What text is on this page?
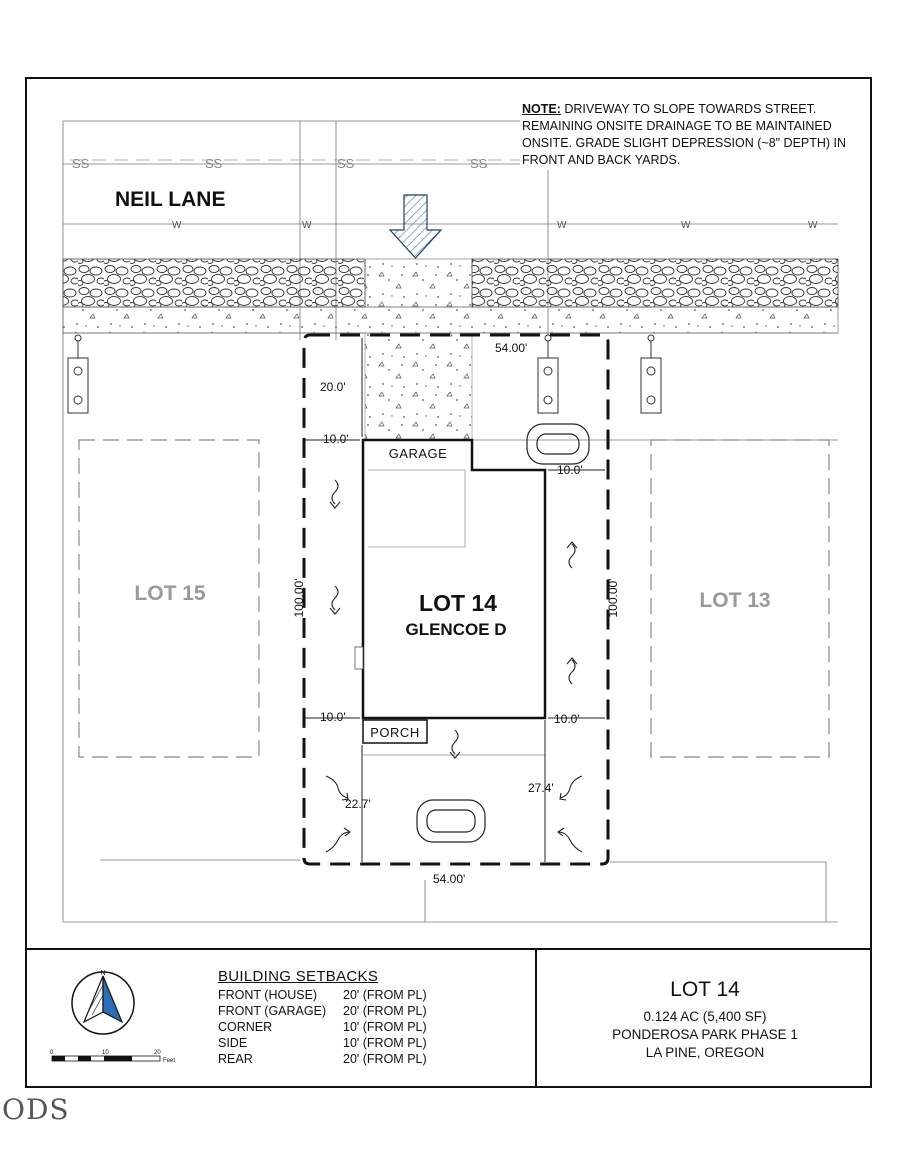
NEIL LANE
SS	SS	SS	SS
W	W	W	W	W
LOT 15	LOT 13
LOT 14
GLENCOE D
GARAGE
PORCH
54.00'
54.00'
20.0'
10.0'
10.0'
10.0'	10.0'
22.7'
27.4'
100.00'	100.00'
N
0	10	20
Feet
NOTE: DRIVEWAY TO SLOPE TOWARDS STREET. REMAINING ONSITE DRAINAGE TO BE MAINTAINED ONSITE. GRADE SLIGHT DEPRESSION (~8" DEPTH) IN FRONT AND BACK YARDS.
BUILDING SETBACKS
FRONT (HOUSE)	20' (FROM PL)
FRONT (GARAGE)	20' (FROM PL)
CORNER	10' (FROM PL)
SIDE	10' (FROM PL)
REAR	20' (FROM PL)
LOT 14
0.124 AC (5,400 SF)
PONDEROSA PARK PHASE 1
LA PINE, OREGON
ODS
